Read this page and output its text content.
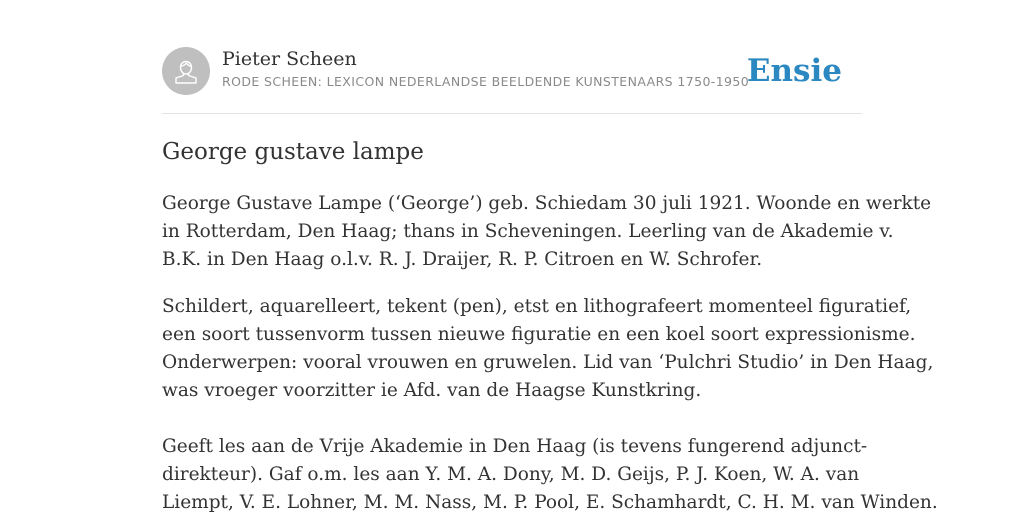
Pieter Scheen
RODE SCHEEN: LEXICON NEDERLANDSE BEELDENDE KUNSTENAARS 1750-1950
Ensie
George gustave lampe

George Gustave Lampe (‘George’) geb. Schiedam 30 juli 1921. Woonde en werkte

in Rotterdam, Den Haag; thans in Scheveningen. Leerling van de Akademie v.

B.K. in Den Haag o.l.v. R. J. Draijer, R. P. Citroen en W. Schrofer.

Schildert, aquarelleert, tekent (pen), etst en lithografeert momenteel figuratief,

een soort tussenvorm tussen nieuwe figuratie en een koel soort expressionisme.

Onderwerpen: vooral vrouwen en gruwelen. Lid van ‘Pulchri Studio’ in Den Haag,

was vroeger voorzitter ie Afd. van de Haagse Kunstkring.

Geeft les aan de Vrije Akademie in Den Haag (is tevens fungerend adjunct-

direkteur). Gaf o.m. les aan Y. M. A. Dony, M. D. Geijs, P. J. Koen, W. A. van

Liempt, V. E. Lohner, M. M. Nass, M. P. Pool, E. Schamhardt, C. H. M. van Winden.
